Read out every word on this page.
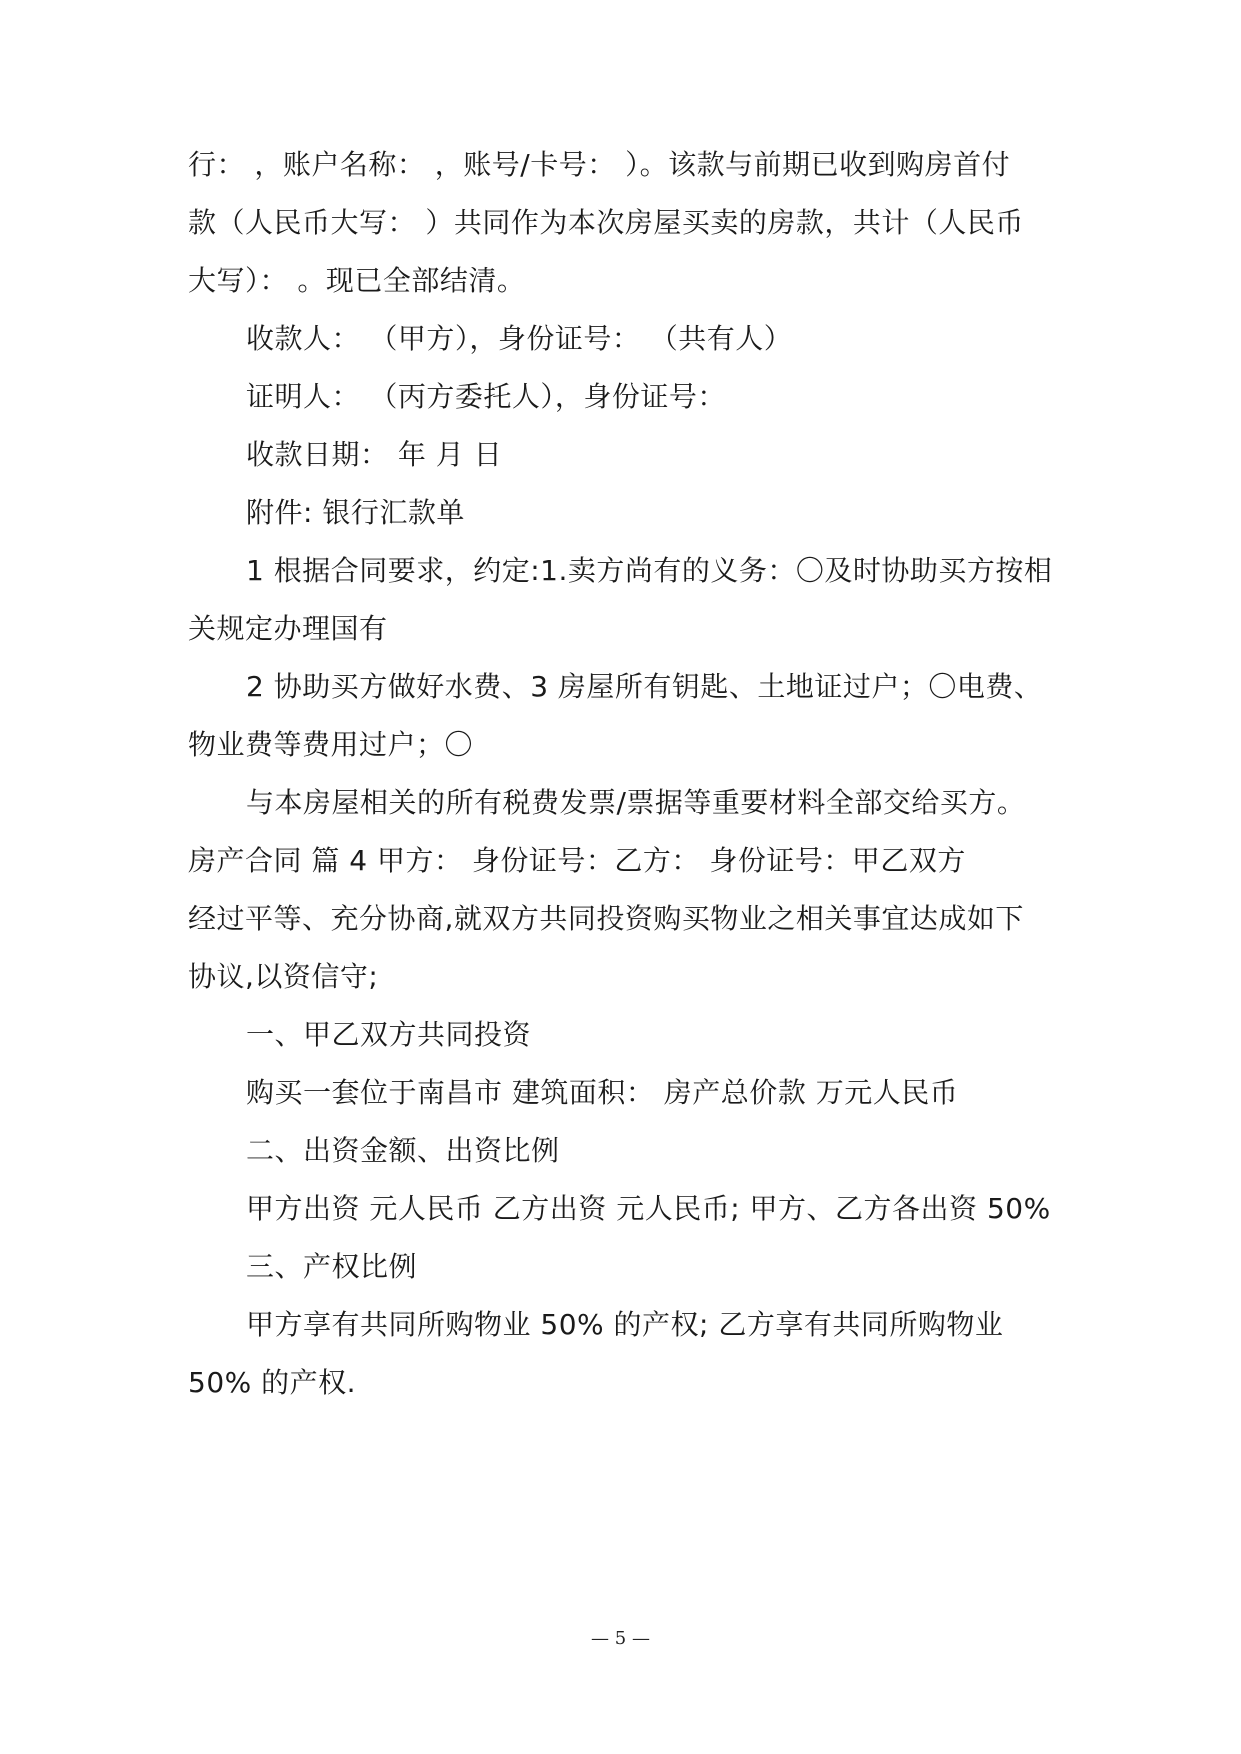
行： ，账户名称： ，账号/卡号： ）。该款与前期已收到购房首付
款（人民币大写： ）共同作为本次房屋买卖的房款，共计（人民币
大写）： 。现已全部结清。
收款人： （甲方），身份证号： （共有人）
证明人： （丙方委托人），身份证号：
收款日期： 年 月 日
附件: 银行汇款单
1 根据合同要求，约定:1.卖方尚有的义务：〇及时协助买方按相
关规定办理国有
2 协助买方做好水费、3 房屋所有钥匙、土地证过户；〇电费、
物业费等费用过户；〇
与本房屋相关的所有税费发票/票据等重要材料全部交给买方。
房产合同 篇 4 甲方： 身份证号：乙方： 身份证号：甲乙双方
经过平等、充分协商,就双方共同投资购买物业之相关事宜达成如下
协议,以资信守;
一、甲乙双方共同投资
购买一套位于南昌市 建筑面积： 房产总价款 万元人民币
二、出资金额、出资比例
甲方出资 元人民币 乙方出资 元人民币; 甲方、乙方各出资 50%
三、产权比例
甲方享有共同所购物业 50% 的产权; 乙方享有共同所购物业
50% 的产权.
— 5 —
